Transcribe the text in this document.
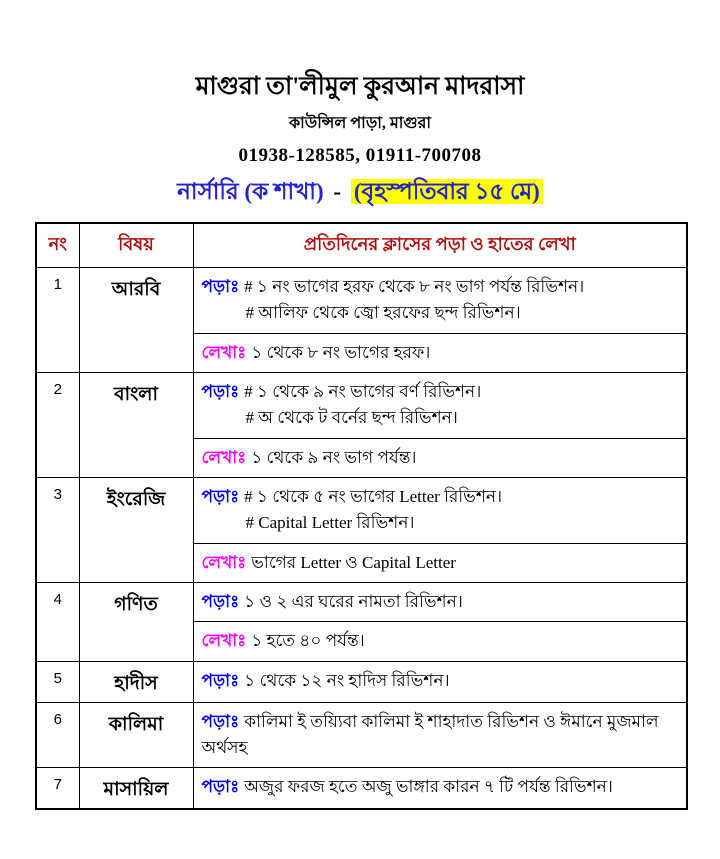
মাগুরা তা'লীমুল কুরআন মাদরাসা
কাউন্সিল পাড়া, মাগুরা
01938-128585, 01911-700708
নার্সারি (ক শাখা) - (বৃহস্পতিবার ১৫ মে)
নং	বিষয়	প্রতিদিনের ক্লাসের পড়া ও হাতের লেখা
1	আরবি	পড়াঃ # ১ নং ভাগের হরফ থেকে ৮ নং ভাগ পর্যন্ত রিভিশন।
# আলিফ থেকে জ্বো হরফের ছন্দ রিভিশন।

		লেখাঃ ১ থেকে ৮ নং ভাগের হরফ।
2	বাংলা	পড়াঃ # ১ থেকে ৯ নং ভাগের বর্ণ রিভিশন।
# অ থেকে ট বর্নের ছন্দ রিভিশন।

		লেখাঃ ১ থেকে ৯ নং ভাগ পর্যন্ত।
3	ইংরেজি	পড়াঃ # ১ থেকে ৫ নং ভাগের Letter রিভিশন।
# Capital Letter রিভিশন।

		লেখাঃ ভাগের Letter ও Capital Letter
4	গণিত	পড়াঃ ১ ও ২ এর ঘরের নামতা রিভিশন।
		লেখাঃ ১ হতে ৪০ পর্যন্ত।
5	হাদীস	পড়াঃ ১ থেকে ১২ নং হাদিস রিভিশন।
6	কালিমা	পড়াঃ কালিমা ই তয়্যিবা কালিমা ই শাহাদাত রিভিশন ও ঈমানে মুজমাল অর্থসহ
7	মাসায়িল	পড়াঃ অজুর ফরজ হতে অজু ভাঙ্গার কারন ৭ টি পর্যন্ত রিভিশন।
